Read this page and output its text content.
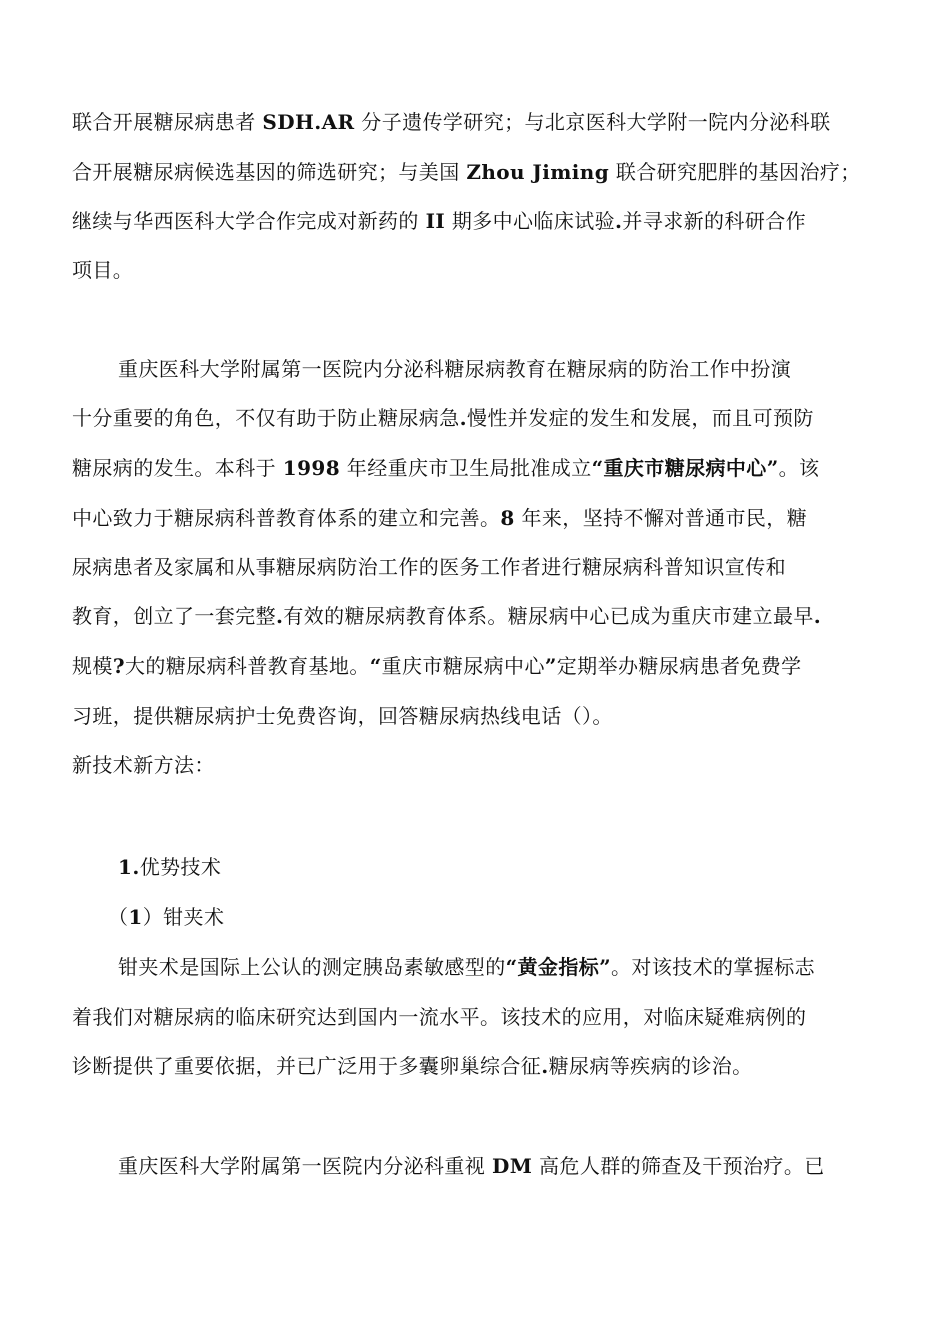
联合开展糖尿病患者 SDH.AR 分子遗传学研究；与北京医科大学附一院内分泌科联
合开展糖尿病候选基因的筛选研究；与美国 Zhou Jiming 联合研究肥胖的基因治疗；
继续与华西医科大学合作完成对新药的 II 期多中心临床试验.并寻求新的科研合作
项目。
重庆医科大学附属第一医院内分泌科糖尿病教育在糖尿病的防治工作中扮演
十分重要的角色，不仅有助于防止糖尿病急.慢性并发症的发生和发展，而且可预防
糖尿病的发生。本科于 1998 年经重庆市卫生局批准成立“重庆市糖尿病中心”。该
中心致力于糖尿病科普教育体系的建立和完善。8 年来，坚持不懈对普通市民，糖
尿病患者及家属和从事糖尿病防治工作的医务工作者进行糖尿病科普知识宣传和
教育，创立了一套完整.有效的糖尿病教育体系。糖尿病中心已成为重庆市建立最早.
规模?大的糖尿病科普教育基地。“重庆市糖尿病中心”定期举办糖尿病患者免费学
习班，提供糖尿病护士免费咨询，回答糖尿病热线电话（）。
新技术新方法：
1.优势技术
（1）钳夹术
钳夹术是国际上公认的测定胰岛素敏感型的“黄金指标”。对该技术的掌握标志
着我们对糖尿病的临床研究达到国内一流水平。该技术的应用，对临床疑难病例的
诊断提供了重要依据，并已广泛用于多囊卵巢综合征.糖尿病等疾病的诊治。
重庆医科大学附属第一医院内分泌科重视 DM 高危人群的筛查及干预治疗。已
